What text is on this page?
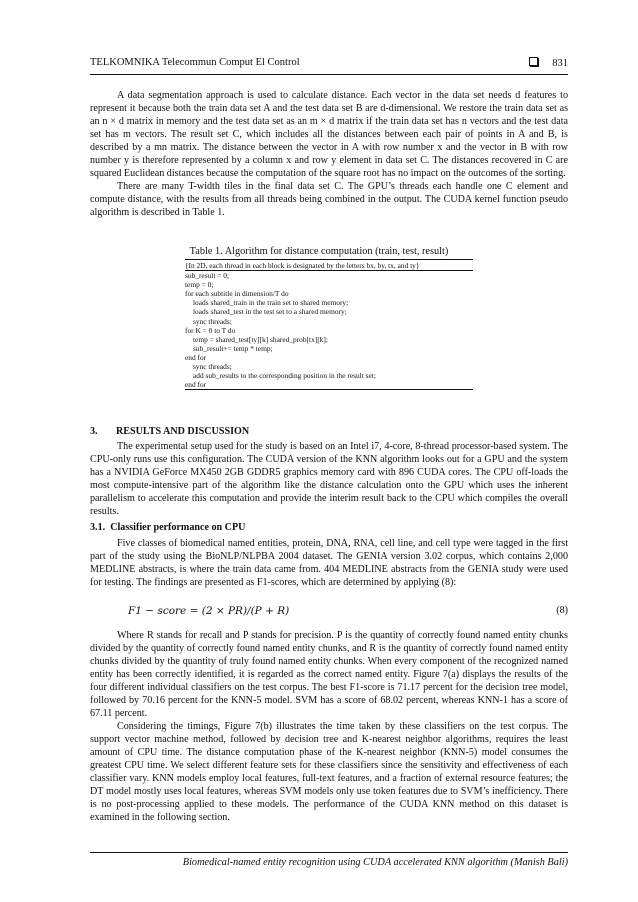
TELKOMNIKA Telecommun Comput El Control	831

A data segmentation approach is used to calculate distance. Each vector in the data set needs d features to represent it because both the train data set A and the test data set B are d-dimensional. We restore the train data set as an n × d matrix in memory and the test data set as an m × d matrix if the train data set has n vectors and the test data set has m vectors. The result set C, which includes all the distances between each pair of points in A and B, is described by a mn matrix. The distance between the vector in A with row number x and the vector in B with row number y is therefore represented by a column x and row y element in data set C. The distances recovered in C are squared Euclidean distances because the computation of the square root has no impact on the outcomes of the sorting.

There are many T-width tiles in the final data set C. The GPU’s threads each handle one C element and compute distance, with the results from all threads being combined in the output. The CUDA kernel function pseudo algorithm is described in Table 1.

Table 1. Algorithm for distance computation (train, test, result)
{In 2D, each thread in each block is designated by the letters bx, by, tx, and ty}
sub_result = 0;
temp = 0;
for each subtitle in dimension/T do
loads shared_train in the train set to shared memory;
loads shared_test in the test set to a shared memory;
sync threads;
for K = 0 to T do
temp = shared_test[ty][k] shared_prob[tx][k];
sub_result+= temp * temp;
end for
sync threads;
add sub_results to the corresponding position in the result set;
end for
3. RESULTS AND DISCUSSION

The experimental setup used for the study is based on an Intel i7, 4-core, 8-thread processor-based system. The CPU-only runs use this configuration. The CUDA version of the KNN algorithm looks out for a GPU and the system has a NVIDIA GeForce MX450 2GB GDDR5 graphics memory card with 896 CUDA cores. The CPU off-loads the most compute-intensive part of the algorithm like the distance calculation onto the GPU which uses the inherent parallelism to accelerate this computation and provide the interim result back to the CPU which compiles the overall results.

3.1. Classifier performance on CPU

Five classes of biomedical named entities, protein, DNA, RNA, cell line, and cell type were tagged in the first part of the study using the BioNLP/NLPBA 2004 dataset. The GENIA version 3.02 corpus, which contains 2,000 MEDLINE abstracts, is where the train data came from. 404 MEDLINE abstracts from the GENIA study were used for testing. The findings are presented as F1-scores, which are determined by applying (8):

F1 − score = (2 × PR)/(P + R)	(8)

Where R stands for recall and P stands for precision. P is the quantity of correctly found named entity chunks divided by the quantity of correctly found named entity chunks, and R is the quantity of correctly found named entity chunks divided by the quantity of truly found named entity chunks. When every component of the recognized named entity has been correctly identified, it is regarded as the correct named entity. Figure 7(a) displays the results of the four different individual classifiers on the test corpus. The best F1-score is 71.17 percent for the decision tree model, followed by 70.16 percent for the KNN-5 model. SVM has a score of 68.02 percent, whereas KNN-1 has a score of 67.11 percent.

Considering the timings, Figure 7(b) illustrates the time taken by these classifiers on the test corpus. The support vector machine method, followed by decision tree and K-nearest neighbor algorithms, requires the least amount of CPU time. The distance computation phase of the K-nearest neighbor (KNN-5) model consumes the greatest CPU time. We select different feature sets for these classifiers since the sensitivity and effectiveness of each classifier vary. KNN models employ local features, full-text features, and a fraction of external resource features; the DT model mostly uses local features, whereas SVM models only use token features due to SVM’s inefficiency. There is no post-processing applied to these models. The performance of the CUDA KNN method on this dataset is examined in the following section.

Biomedical-named entity recognition using CUDA accelerated KNN algorithm (Manish Bali)
